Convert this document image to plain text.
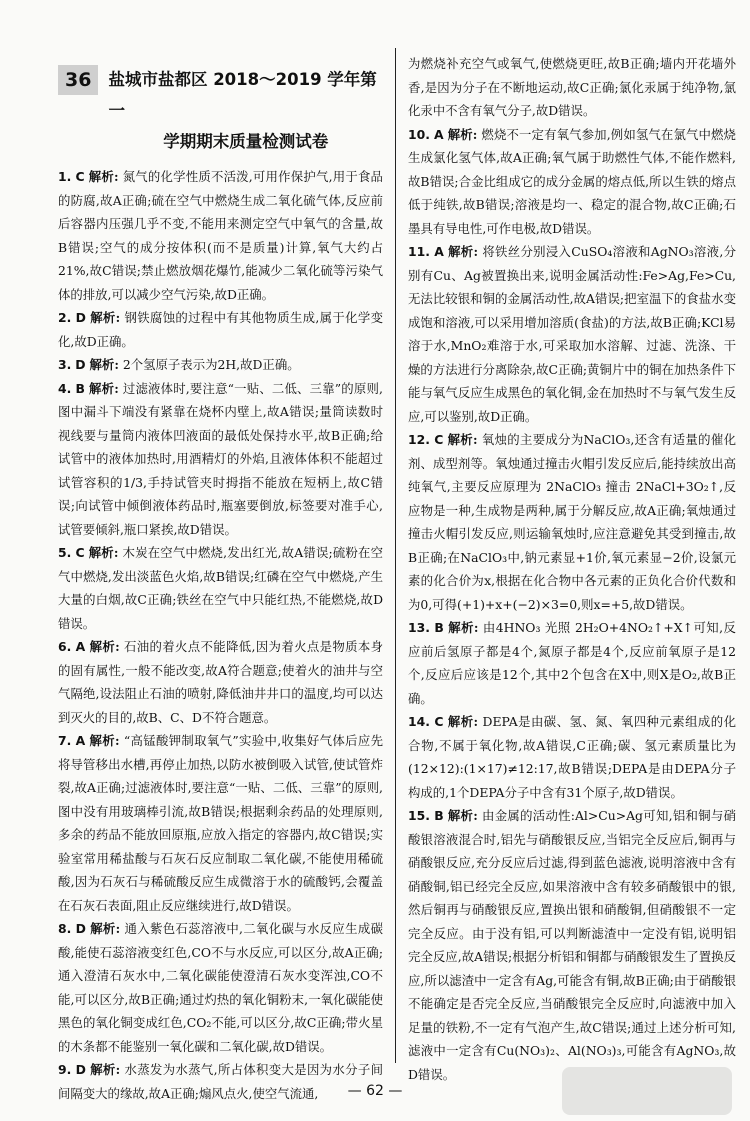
36	盐城市盐都区 2018～2019 学年第一
学期期末质量检测试卷

1. C 解析: 氮气的化学性质不活泼,可用作保护气,用于食品的防腐,故A正确;硫在空气中燃烧生成二氧化硫气体,反应前后容器内压强几乎不变,不能用来测定空气中氧气的含量,故B错误;空气的成分按体积(而不是质量)计算,氧气大约占21%,故C错误;禁止燃放烟花爆竹,能减少二氧化硫等污染气体的排放,可以减少空气污染,故D正确。

2. D 解析: 钢铁腐蚀的过程中有其他物质生成,属于化学变化,故D正确。

3. D 解析: 2个氢原子表示为2H,故D正确。

4. B 解析: 过滤液体时,要注意“一贴、二低、三靠”的原则,图中漏斗下端没有紧靠在烧杯内壁上,故A错误;量筒读数时视线要与量筒内液体凹液面的最低处保持水平,故B正确;给试管中的液体加热时,用酒精灯的外焰,且液体体积不能超过试管容积的1/3,手持试管夹时拇指不能放在短柄上,故C错误;向试管中倾倒液体药品时,瓶塞要倒放,标签要对准手心,试管要倾斜,瓶口紧挨,故D错误。

5. C 解析: 木炭在空气中燃烧,发出红光,故A错误;硫粉在空气中燃烧,发出淡蓝色火焰,故B错误;红磷在空气中燃烧,产生大量的白烟,故C正确;铁丝在空气中只能红热,不能燃烧,故D错误。

6. A 解析: 石油的着火点不能降低,因为着火点是物质本身的固有属性,一般不能改变,故A符合题意;使着火的油井与空气隔绝,设法阻止石油的喷射,降低油井井口的温度,均可以达到灭火的目的,故B、C、D不符合题意。

7. A 解析: “高锰酸钾制取氧气”实验中,收集好气体后应先将导管移出水槽,再停止加热,以防水被倒吸入试管,使试管炸裂,故A正确;过滤液体时,要注意“一贴、二低、三靠”的原则,图中没有用玻璃棒引流,故B错误;根据剩余药品的处理原则,多余的药品不能放回原瓶,应放入指定的容器内,故C错误;实验室常用稀盐酸与石灰石反应制取二氧化碳,不能使用稀硫酸,因为石灰石与稀硫酸反应生成微溶于水的硫酸钙,会覆盖在石灰石表面,阻止反应继续进行,故D错误。

8. D 解析: 通入紫色石蕊溶液中,二氧化碳与水反应生成碳酸,能使石蕊溶液变红色,CO不与水反应,可以区分,故A正确;通入澄清石灰水中,二氧化碳能使澄清石灰水变浑浊,CO不能,可以区分,故B正确;通过灼热的氧化铜粉末,一氧化碳能使黑色的氧化铜变成红色,CO₂不能,可以区分,故C正确;带火星的木条都不能鉴别一氧化碳和二氧化碳,故D错误。

9. D 解析: 水蒸发为水蒸气,所占体积变大是因为水分子间间隔变大的缘故,故A正确;煽风点火,使空气流通,

为燃烧补充空气或氧气,使燃烧更旺,故B正确;墙内开花墙外香,是因为分子在不断地运动,故C正确;氯化汞属于纯净物,氯化汞中不含有氧气分子,故D错误。

10. A 解析: 燃烧不一定有氧气参加,例如氢气在氯气中燃烧生成氯化氢气体,故A正确;氧气属于助燃性气体,不能作燃料,故B错误;合金比组成它的成分金属的熔点低,所以生铁的熔点低于纯铁,故B错误;溶液是均一、稳定的混合物,故C正确;石墨具有导电性,可作电极,故D错误。

11. A 解析: 将铁丝分别浸入CuSO₄溶液和AgNO₃溶液,分别有Cu、Ag被置换出来,说明金属活动性:Fe>Ag,Fe>Cu,无法比较银和铜的金属活动性,故A错误;把室温下的食盐水变成饱和溶液,可以采用增加溶质(食盐)的方法,故B正确;KCl易溶于水,MnO₂难溶于水,可采取加水溶解、过滤、洗涤、干燥的方法进行分离除杂,故C正确;黄铜片中的铜在加热条件下能与氧气反应生成黑色的氧化铜,金在加热时不与氧气发生反应,可以鉴别,故D正确。

12. C 解析: 氧烛的主要成分为NaClO₃,还含有适量的催化剂、成型剂等。氧烛通过撞击火帽引发反应后,能持续放出高纯氧气,主要反应原理为 2NaClO₃ 撞击 2NaCl+3O₂↑,反应物是一种,生成物是两种,属于分解反应,故A正确;氧烛通过撞击火帽引发反应,则运输氧烛时,应注意避免其受到撞击,故B正确;在NaClO₃中,钠元素显+1价,氧元素显−2价,设氯元素的化合价为x,根据在化合物中各元素的正负化合价代数和为0,可得(+1)+x+(−2)×3=0,则x=+5,故D错误。

13. B 解析: 由4HNO₃ 光照 2H₂O+4NO₂↑+X↑可知,反应前后氢原子都是4个,氮原子都是4个,反应前氧原子是12个,反应后应该是12个,其中2个包含在X中,则X是O₂,故B正确。

14. C 解析: DEPA是由碳、氢、氮、氧四种元素组成的化合物,不属于氧化物,故A错误,C正确;碳、氢元素质量比为(12×12):(1×17)≠12:17,故B错误;DEPA是由DEPA分子构成的,1个DEPA分子中含有31个原子,故D错误。

15. B 解析: 由金属的活动性:Al>Cu>Ag可知,铝和铜与硝酸银溶液混合时,铝先与硝酸银反应,当铝完全反应后,铜再与硝酸银反应,充分反应后过滤,得到蓝色滤液,说明溶液中含有硝酸铜,铝已经完全反应,如果溶液中含有较多硝酸银中的银,然后铜再与硝酸银反应,置换出银和硝酸铜,但硝酸银不一定完全反应。由于没有铝,可以判断滤渣中一定没有铝,说明铝完全反应,故A错误;根据分析铝和铜都与硝酸银发生了置换反应,所以滤渣中一定含有Ag,可能含有铜,故B正确;由于硝酸银不能确定是否完全反应,当硝酸银完全反应时,向滤液中加入足量的铁粉,不一定有气泡产生,故C错误;通过上述分析可知,滤液中一定含有Cu(NO₃)₂、Al(NO₃)₃,可能含有AgNO₃,故D错误。

— 62 —
